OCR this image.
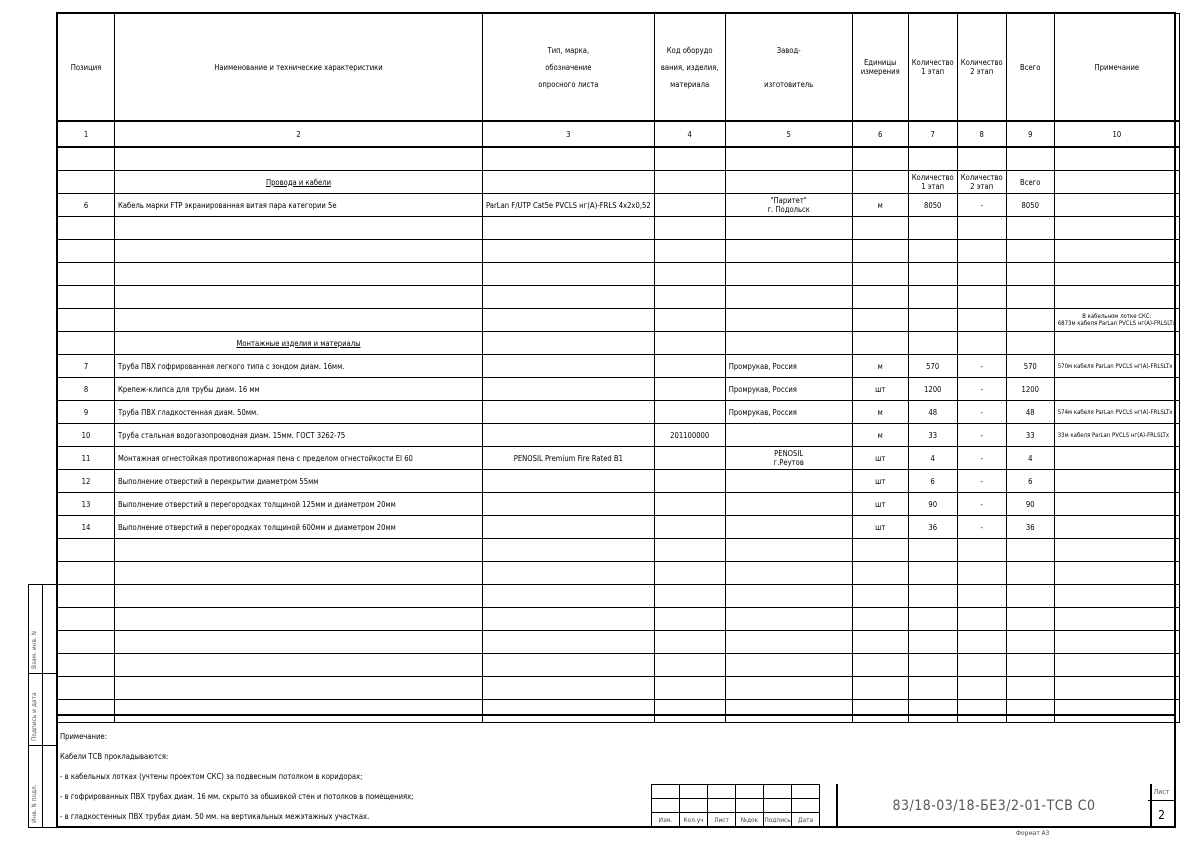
Позиция	Наименование и технические характеристики	Тип, марка,
обозначение
опросного листа	Код оборудо
вания, изделия,
материала	Завод-

изготовитель	Единицы
измерения	Количество
1 этап	Количество
2 этап	Всего	Примечание
1	2	3	4	5	6	7	8	9	10

	Провода и кабели					Количество
1 этап	Количество
2 этап	Всего	
6	Кабель марки FTP экранированная витая пара категории 5е	ParLan F/UTP Cat5e PVCLS нг(А)-FRLS 4х2х0,52		"Паритет"
г. Подольск	м	8050	-	8050	

									В кабельном лотке СКС:
6873м кабеля ParLan PVCLS нг(А)-FRLSLTx
	Монтажные изделия и материалы								
7	Труба ПВХ гофрированная легкого типа с зондом диам. 16мм.			Промрукав, Россия	м	570	-	570	570м кабеля ParLan PVCLS нг(А)-FRLSLTx
8	Крепеж-клипса для трубы диам. 16 мм			Промрукав, Россия	шт	1200	-	1200	
9	Труба ПВХ гладкостенная диам. 50мм.			Промрукав, Россия	м	48	-	48	574м кабеля ParLan PVCLS нг(А)-FRLSLTx
10	Труба стальная водогазопроводная диам. 15мм. ГОСТ 3262-75		201100000		м	33	-	33	33м кабеля ParLan PVCLS нг(А)-FRLSLTx
11	Монтажная огнестойкая противопожарная пена с пределом огнестойкости EI 60	PENOSIL Premium Fire Rated B1		PENOSIL
г.Реутов	шт	4	-	4	
12	Выполнение отверстий в перекрытии диаметром 55мм				шт	6	-	6	
13	Выполнение отверстий в перегородках толщиной 125мм и диаметром 20мм				шт	90	-	90	
14	Выполнение отверстий в перегородках толщиной 600мм и диаметром 20мм				шт	36	-	36	

Примечание:
Кабели ТСВ прокладываются:
- в кабельных лотках (учтены проектом СКС) за подвесным потолком в коридорах;
- в гофрированных ПВХ трубах диам. 16 мм. скрыто за обшивкой стен и потолков в помещениях;
- в гладкостенных ПВХ трубах диам. 50 мм. на вертикальных межэтажных участках.

						Изм.	Кол.уч	Лист	№док	Подпись	Дата
83/18-03/18-БЕ3/2-01-ТСВ С0
Лист
2
Формат А3
Взам. инв. N
Подпись и дата
Инв. N подл.
